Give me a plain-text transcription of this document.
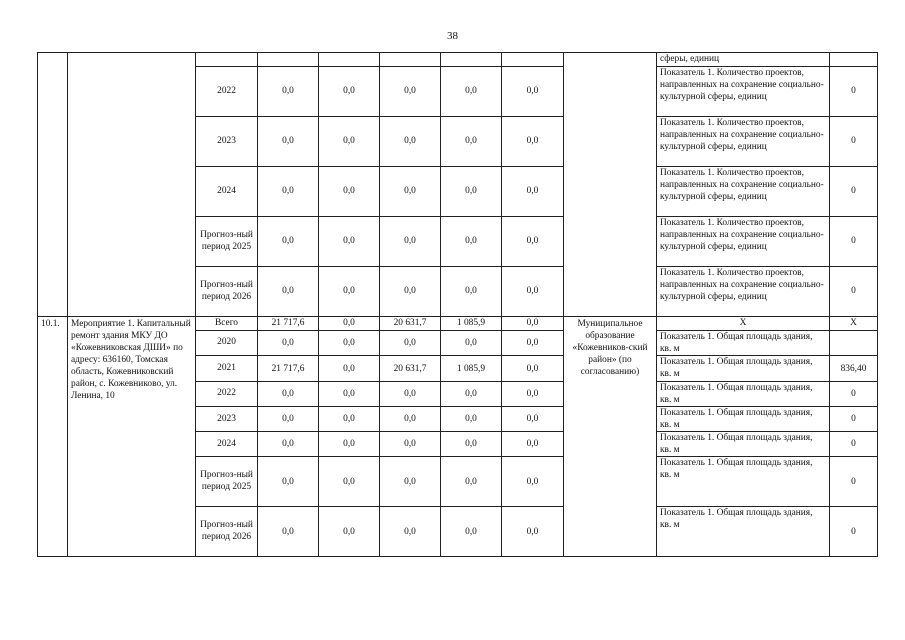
38
									сферы, единиц	
		2022	0,0	0,0	0,0	0,0	0,0		Показатель 1. Количество проектов, направленных на сохранение социально-культурной сферы, единиц	0
		2023	0,0	0,0	0,0	0,0	0,0		Показатель 1. Количество проектов, направленных на сохранение социально-культурной сферы, единиц	0
		2024	0,0	0,0	0,0	0,0	0,0		Показатель 1. Количество проектов, направленных на сохранение социально-культурной сферы, единиц	0
		Прогноз-ный период 2025	0,0	0,0	0,0	0,0	0,0		Показатель 1. Количество проектов, направленных на сохранение социально-культурной сферы, единиц	0
		Прогноз-ный период 2026	0,0	0,0	0,0	0,0	0,0		Показатель 1. Количество проектов, направленных на сохранение социально-культурной сферы, единиц	0
10.1.	Мероприятие 1. Капитальный ремонт здания МКУ ДО «Кожевниковская ДШИ» по адресу: 636160, Томская область, Кожевниковский район, с. Кожевниково, ул. Ленина, 10	Всего	21 717,6	0,0	20 631,7	1 085,9	0,0	Муниципальное образование «Кожевников-ский район» (по согласованию)	X	X
		2020	0,0	0,0	0,0	0,0	0,0		Показатель 1. Общая площадь здания, кв. м	
		2021	21 717,6	0,0	20 631,7	1 085,9	0,0		Показатель 1. Общая площадь здания, кв. м	836,40
		2022	0,0	0,0	0,0	0,0	0,0		Показатель 1. Общая площадь здания, кв. м	0
		2023	0,0	0,0	0,0	0,0	0,0		Показатель 1. Общая площадь здания, кв. м	0
		2024	0,0	0,0	0,0	0,0	0,0		Показатель 1. Общая площадь здания, кв. м	0
		Прогноз-ный период 2025	0,0	0,0	0,0	0,0	0,0		Показатель 1. Общая площадь здания, кв. м	0
		Прогноз-ный период 2026	0,0	0,0	0,0	0,0	0,0		Показатель 1. Общая площадь здания, кв. м	0
